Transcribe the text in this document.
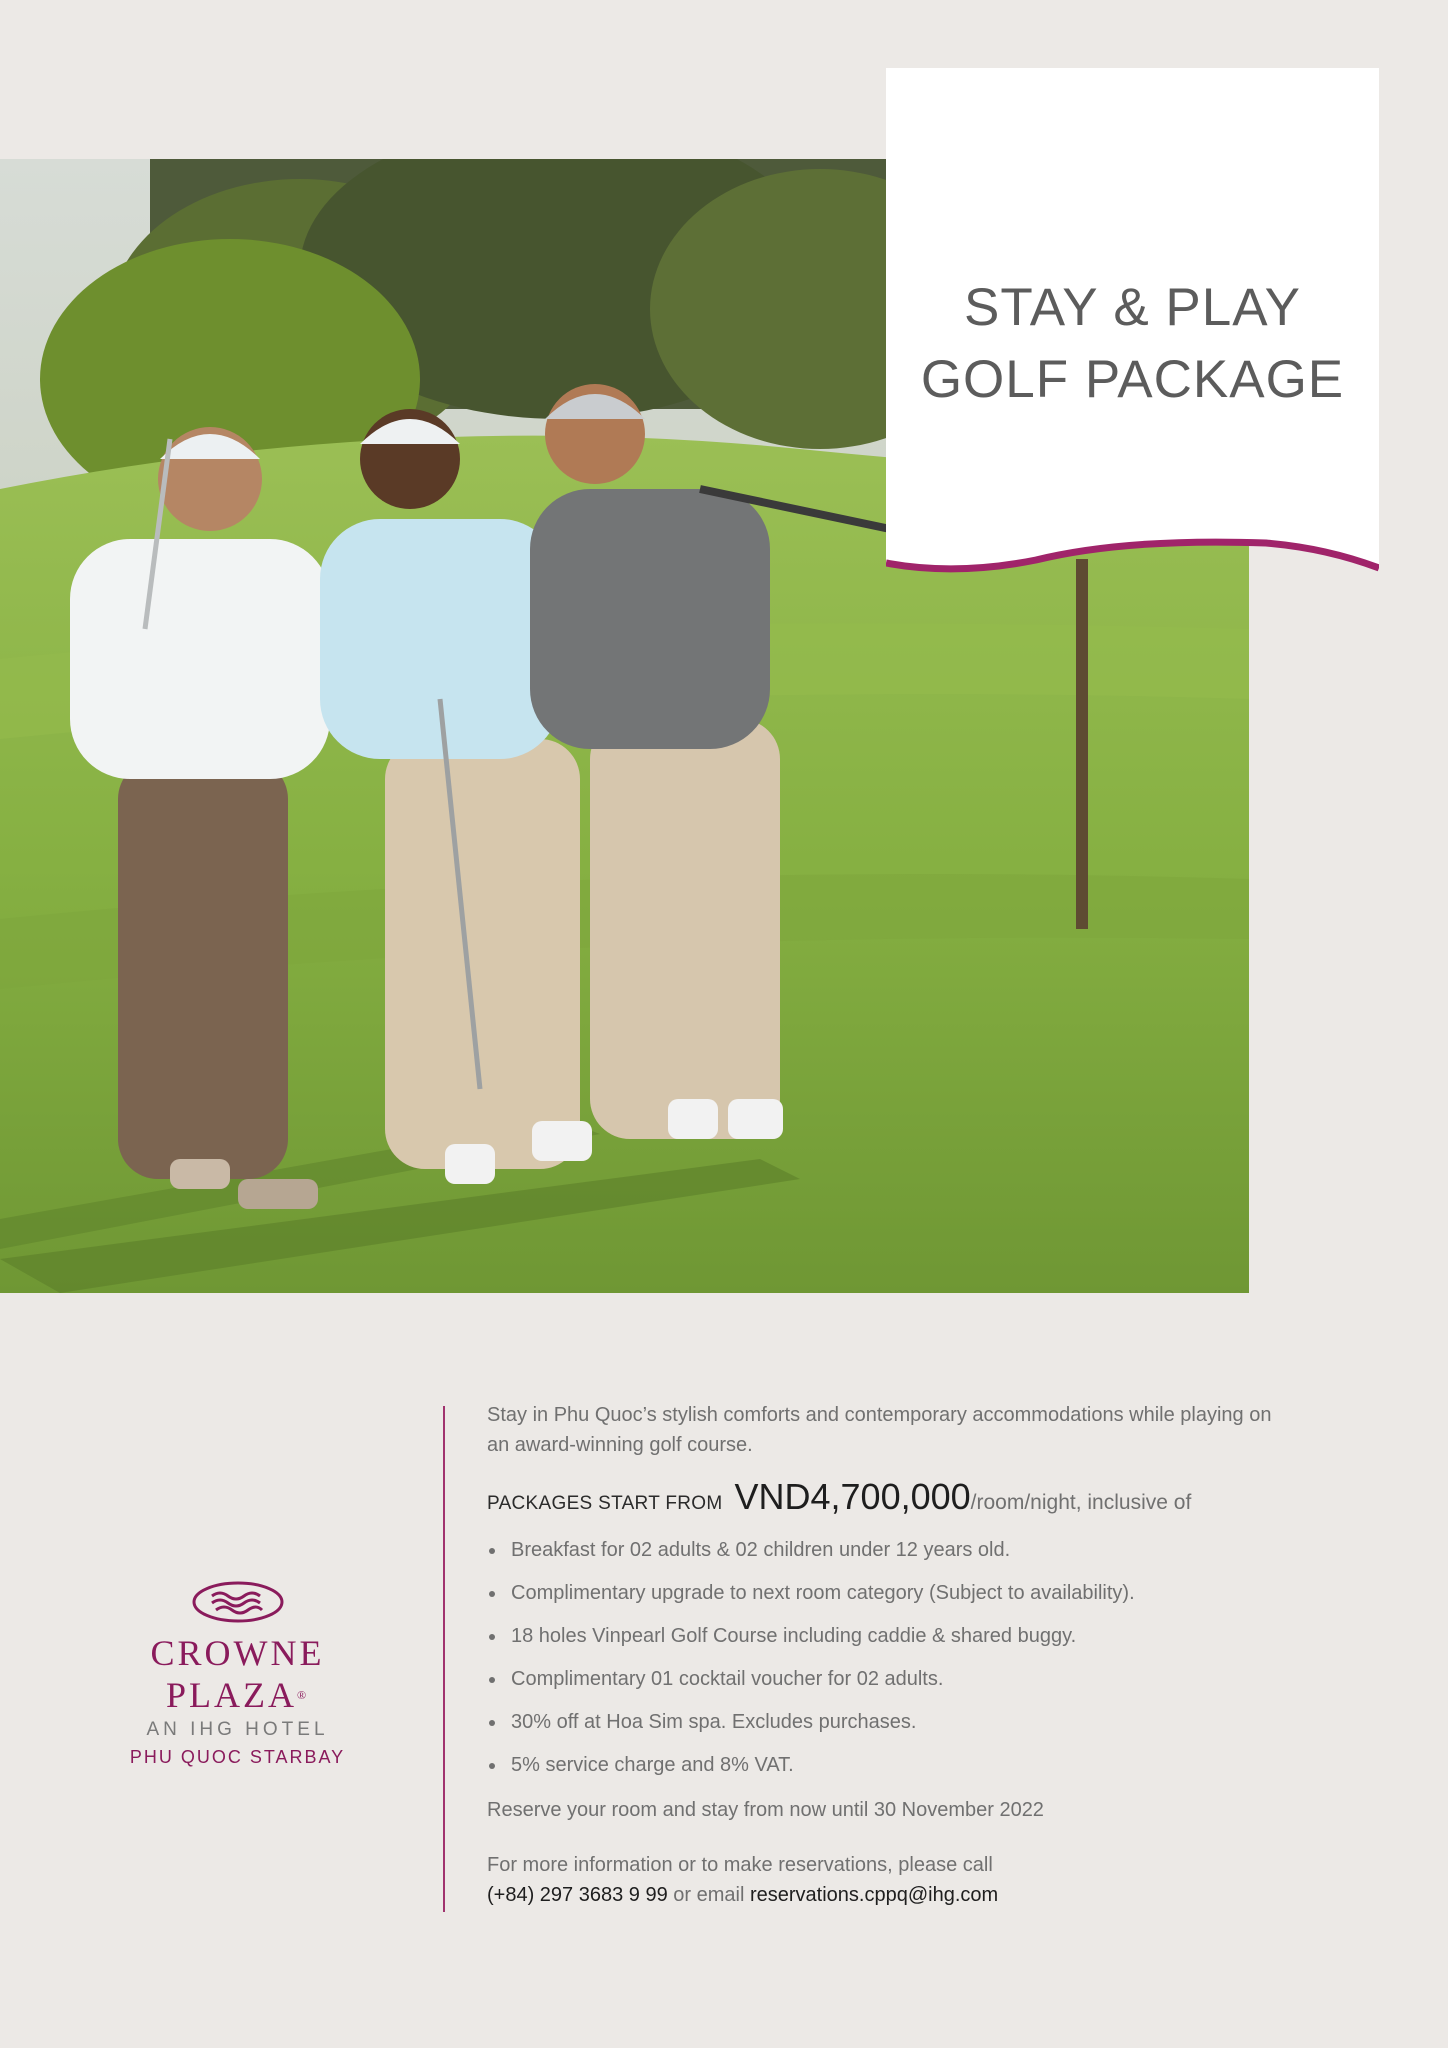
STAY & PLAY
GOLF PACKAGE
CROWNE PLAZA®
AN IHG HOTEL
PHU QUOC STARBAY

Stay in Phu Quoc’s stylish comforts and contemporary accommodations while playing on an award-winning golf course.

PACKAGES START FROM VND4,700,000 /room/night, inclusive of
Breakfast for 02 adults & 02 children under 12 years old.
Complimentary upgrade to next room category (Subject to availability).
18 holes Vinpearl Golf Course including caddie & shared buggy.
Complimentary 01 cocktail voucher for 02 adults.
30% off at Hoa Sim spa. Excludes purchases.
5% service charge and 8% VAT.

Reserve your room and stay from now until 30 November 2022

For more information or to make reservations, please call
(+84) 297 3683 9 99 or email reservations.cppq@ihg.com
